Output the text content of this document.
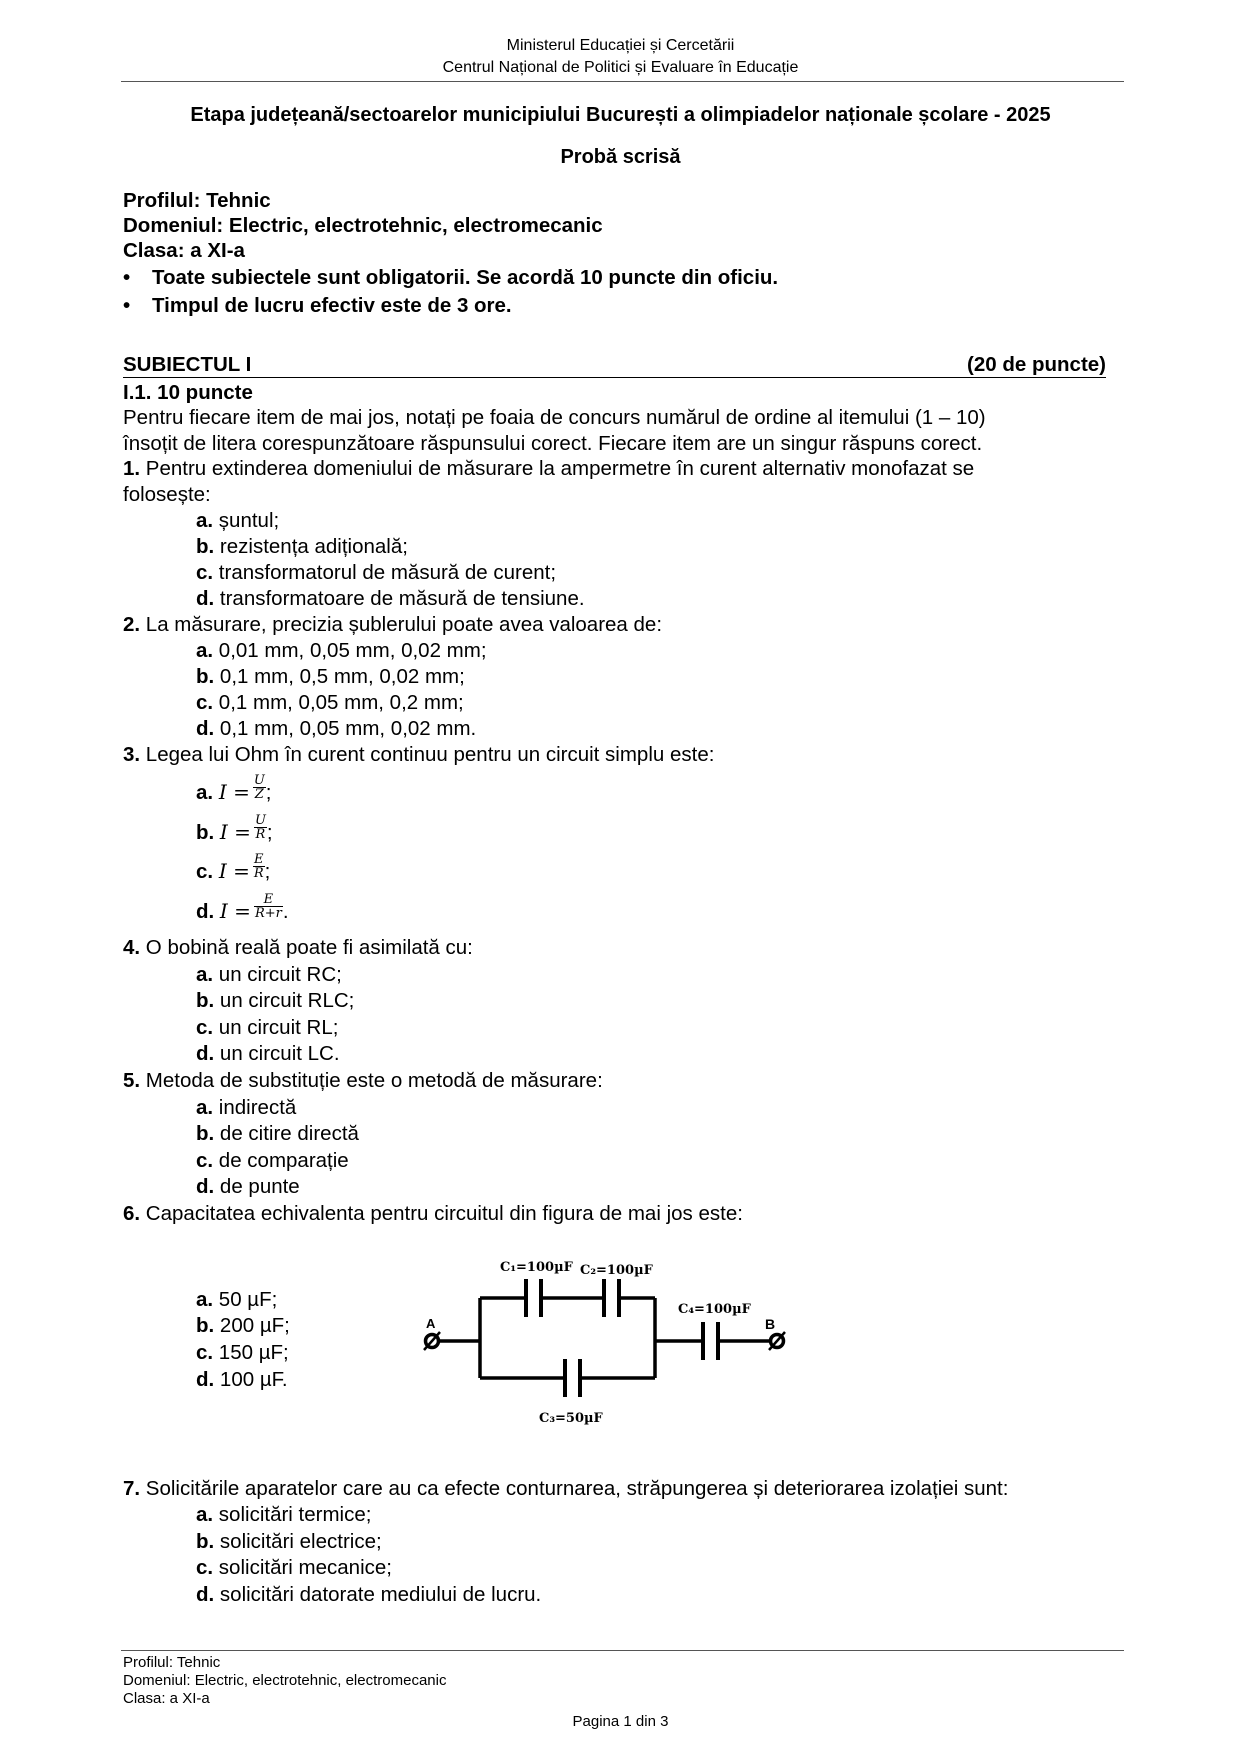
Ministerul Educației și Cercetării
Centrul Național de Politici și Evaluare în Educație
Etapa județeană/sectoarelor municipiului București a olimpiadelor naționale școlare - 2025
Probă scrisă
Profilul: Tehnic
Domeniul: Electric, electrotehnic, electromecanic
Clasa: a XI-a
• Toate subiectele sunt obligatorii. Se acordă 10 puncte din oficiu.
• Timpul de lucru efectiv este de 3 ore.
SUBIECTUL I	(20 de puncte)
I.1. 10 puncte
Pentru fiecare item de mai jos, notați pe foaia de concurs numărul de ordine al itemului (1 – 10)
însoțit de litera corespunzătoare răspunsului corect. Fiecare item are un singur răspuns corect.
1. Pentru extinderea domeniului de măsurare la ampermetre în curent alternativ monofazat se
folosește:
a. șuntul;
b. rezistența adițională;
c. transformatorul de măsură de curent;
d. transformatoare de măsură de tensiune.
2. La măsurare, precizia șublerului poate avea valoarea de:
a. 0,01 mm, 0,05 mm, 0,02 mm;
b. 0,1 mm, 0,5 mm, 0,02 mm;
c. 0,1 mm, 0,05 mm, 0,2 mm;
d. 0,1 mm, 0,05 mm, 0,02 mm.
3. Legea lui Ohm în curent continuu pentru un circuit simplu este:
a. $I = \frac{U}{Z}$ ;
b. $I = \frac{U}{R}$ ;
c. $I = \frac{E}{R}$ ;
d. $I = \frac{E}{R+r}$ .
4. O bobină reală poate fi asimilată cu:
a. un circuit RC;
b. un circuit RLC;
c. un circuit RL;
d. un circuit LC.
5. Metoda de substituție este o metodă de măsurare:
a. indirectă
b. de citire directă
c. de comparație
d. de punte
6. Capacitatea echivalenta pentru circuitul din figura de mai jos este:
a. 50 µF;
b. 200 µF;
c. 150 µF;
d. 100 µF.
A	B
C₁=100µF C₂=100µF
C₄=100µF
C₃=50µF
7. Solicitările aparatelor care au ca efecte conturnarea, străpungerea și deteriorarea izolației sunt:
a. solicitări termice;
b. solicitări electrice;
c. solicitări mecanice;
d. solicitări datorate mediului de lucru.
Profilul: Tehnic
Domeniul: Electric, electrotehnic, electromecanic
Clasa: a XI-a
Pagina 1 din 3
